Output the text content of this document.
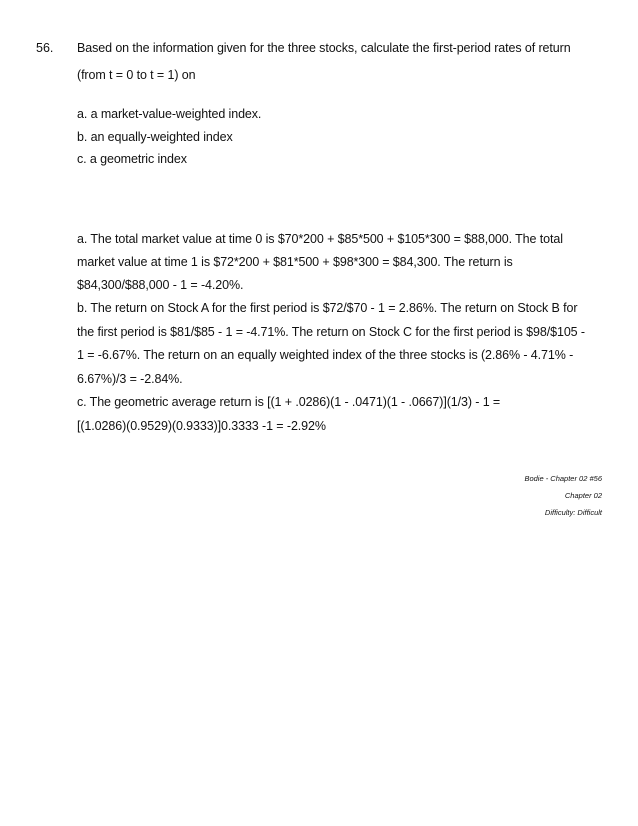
56. Based on the information given for the three stocks, calculate the first-period rates of return
(from t = 0 to t = 1) on
a. a market-value-weighted index.
b. an equally-weighted index
c. a geometric index
a. The total market value at time 0 is $70*200 + $85*500 + $105*300 = $88,000. The total
market value at time 1 is $72*200 + $81*500 + $98*300 = $84,300. The return is
$84,300/$88,000 - 1 = -4.20%.
b. The return on Stock A for the first period is $72/$70 - 1 = 2.86%. The return on Stock B for
the first period is $81/$85 - 1 = -4.71%. The return on Stock C for the first period is $98/$105 -
1 = -6.67%. The return on an equally weighted index of the three stocks is (2.86% - 4.71% -
6.67%)/3 = -2.84%.
c. The geometric average return is [(1 + .0286)(1 - .0471)(1 - .0667)](1/3) - 1 =
[(1.0286)(0.9529)(0.9333)]0.3333 -1 = -2.92%
Bodie - Chapter 02 #56
Chapter 02
Difficulty: Difficult
